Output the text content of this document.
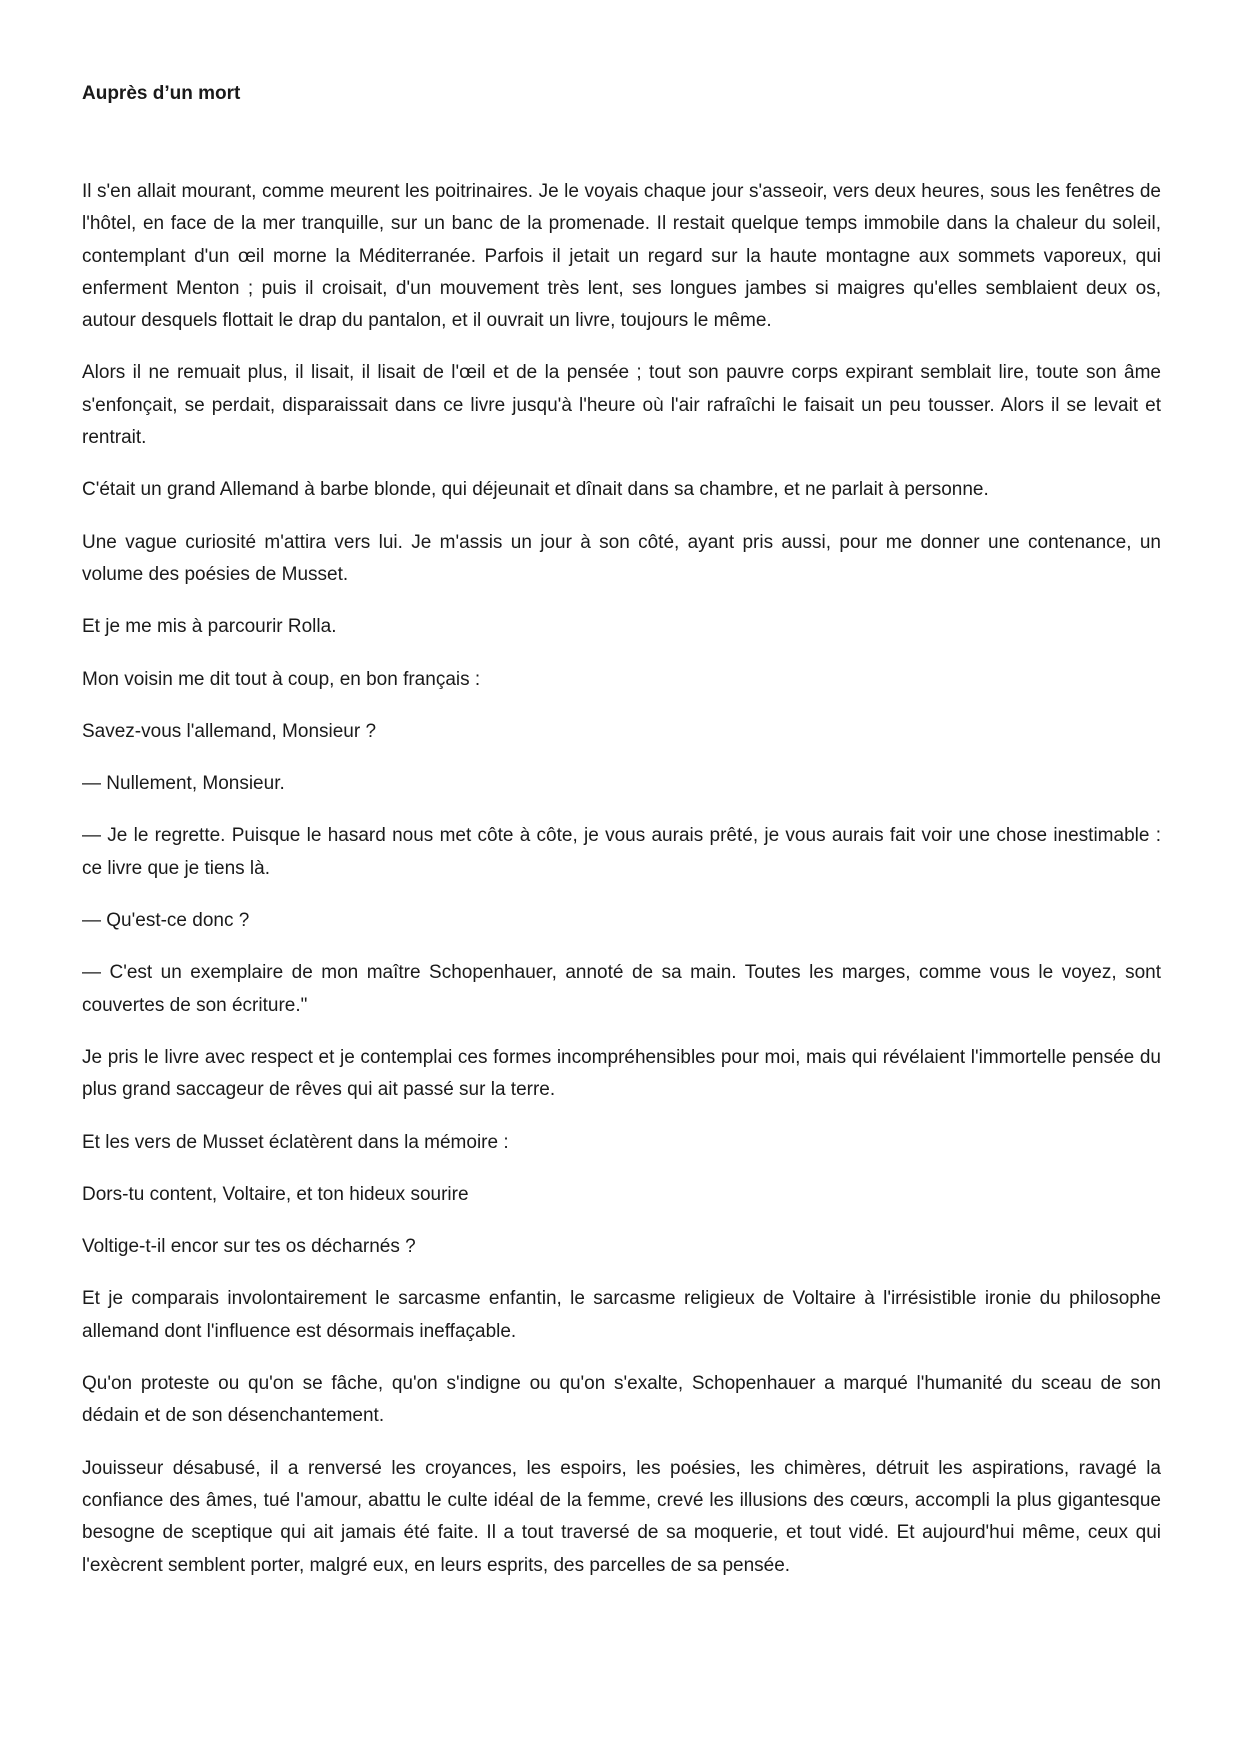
Auprès d’un mort

Il s'en allait mourant, comme meurent les poitrinaires. Je le voyais chaque jour s'asseoir, vers deux heures, sous les fenêtres de l'hôtel, en face de la mer tranquille, sur un banc de la promenade. Il restait quelque temps immobile dans la chaleur du soleil, contemplant d'un œil morne la Méditerranée. Parfois il jetait un regard sur la haute montagne aux sommets vaporeux, qui enferment Menton ; puis il croisait, d'un mouvement très lent, ses longues jambes si maigres qu'elles semblaient deux os, autour desquels flottait le drap du pantalon, et il ouvrait un livre, toujours le même.

Alors il ne remuait plus, il lisait, il lisait de l'œil et de la pensée ; tout son pauvre corps expirant semblait lire, toute son âme s'enfonçait, se perdait, disparaissait dans ce livre jusqu'à l'heure où l'air rafraîchi le faisait un peu tousser. Alors il se levait et rentrait.

C'était un grand Allemand à barbe blonde, qui déjeunait et dînait dans sa chambre, et ne parlait à personne.

Une vague curiosité m'attira vers lui. Je m'assis un jour à son côté, ayant pris aussi, pour me donner une contenance, un volume des poésies de Musset.

Et je me mis à parcourir Rolla.

Mon voisin me dit tout à coup, en bon français :

Savez-vous l'allemand, Monsieur ?

— Nullement, Monsieur.

— Je le regrette. Puisque le hasard nous met côte à côte, je vous aurais prêté, je vous aurais fait voir une chose inestimable : ce livre que je tiens là.

— Qu'est-ce donc ?

— C'est un exemplaire de mon maître Schopenhauer, annoté de sa main. Toutes les marges, comme vous le voyez, sont couvertes de son écriture."

Je pris le livre avec respect et je contemplai ces formes incompréhensibles pour moi, mais qui révélaient l'immortelle pensée du plus grand saccageur de rêves qui ait passé sur la terre.

Et les vers de Musset éclatèrent dans la mémoire :

Dors-tu content, Voltaire, et ton hideux sourire

Voltige-t-il encor sur tes os décharnés ?

Et je comparais involontairement le sarcasme enfantin, le sarcasme religieux de Voltaire à l'irrésistible ironie du philosophe allemand dont l'influence est désormais ineffaçable.

Qu'on proteste ou qu'on se fâche, qu'on s'indigne ou qu'on s'exalte, Schopenhauer a marqué l'humanité du sceau de son dédain et de son désenchantement.

Jouisseur désabusé, il a renversé les croyances, les espoirs, les poésies, les chimères, détruit les aspirations, ravagé la confiance des âmes, tué l'amour, abattu le culte idéal de la femme, crevé les illusions des cœurs, accompli la plus gigantesque besogne de sceptique qui ait jamais été faite. Il a tout traversé de sa moquerie, et tout vidé. Et aujourd'hui même, ceux qui l'exècrent semblent porter, malgré eux, en leurs esprits, des parcelles de sa pensée.
